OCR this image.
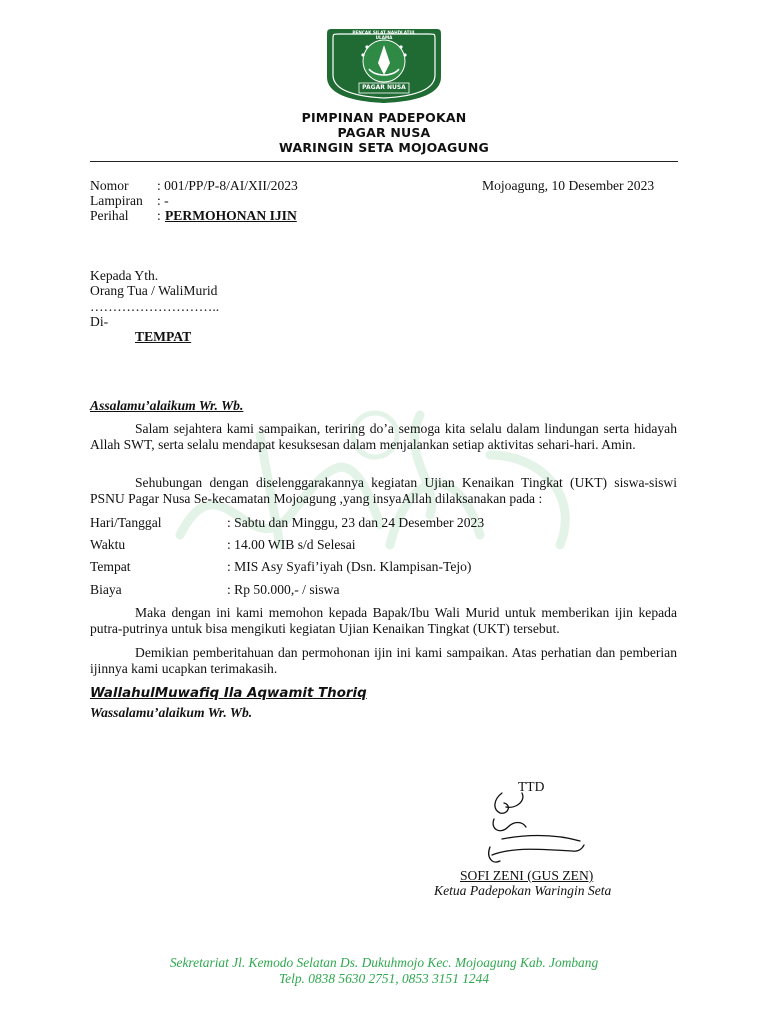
PAGAR NUSA
PENCAK SILAT NAHDLATUL ULAMA
PIMPINAN PADEPOKAN
PAGAR NUSA
WARINGIN SETA MOJOAGUNG
Nomor : 001/PP/P-8/AI/XII/2023
Lampiran : -
Perihal : PERMOHONAN IJIN
Mojoagung, 10 Desember 2023
Kepada Yth.
Orang Tua / WaliMurid
………………………..
Di-
TEMPAT
Assalamu’alaikum Wr. Wb.
Salam sejahtera kami sampaikan, teriring do’a semoga kita selalu dalam lindungan serta hidayah Allah SWT, serta selalu mendapat kesuksesan dalam menjalankan setiap aktivitas sehari-hari. Amin.
Sehubungan dengan diselenggarakannya kegiatan Ujian Kenaikan Tingkat (UKT) siswa-siswi PSNU Pagar Nusa Se-kecamatan Mojoagung ,yang insyaAllah dilaksanakan pada :
Hari/Tanggal	: Sabtu dan Minggu, 23 dan 24 Desember 2023
Waktu	: 14.00 WIB s/d Selesai
Tempat	: MIS Asy Syafi’iyah (Dsn. Klampisan-Tejo)
Biaya	: Rp 50.000,- / siswa
Maka dengan ini kami memohon kepada Bapak/Ibu Wali Murid untuk memberikan ijin kepada putra-putrinya untuk bisa mengikuti kegiatan Ujian Kenaikan Tingkat (UKT) tersebut.
Demikian pemberitahuan dan permohonan ijin ini kami sampaikan. Atas perhatian dan pemberian ijinnya kami ucapkan terimakasih.
WallahulMuwafiq Ila Aqwamit Thoriq
Wassalamu’alaikum Wr. Wb.
TTD
SOFI ZENI (GUS ZEN)
Ketua Padepokan Waringin Seta
Sekretariat Jl. Kemodo Selatan Ds. Dukuhmojo Kec. Mojoagung Kab. Jombang
Telp. 0838 5630 2751, 0853 3151 1244
